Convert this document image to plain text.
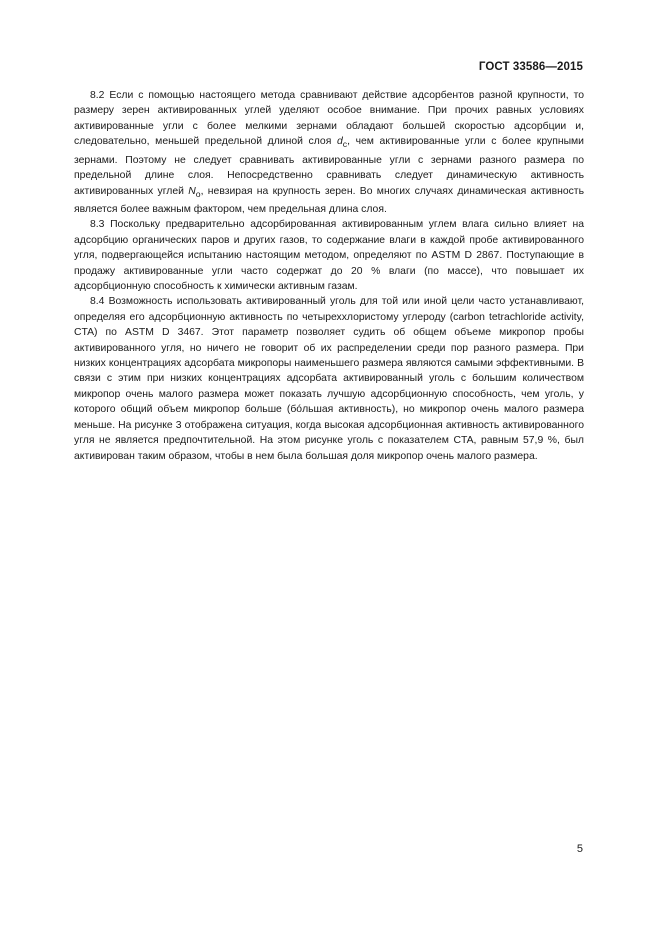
ГОСТ 33586—2015

8.2 Если с помощью настоящего метода сравнивают действие адсорбентов разной крупности, то размеру зерен активированных углей уделяют особое внимание. При прочих равных условиях активированные угли с более мелкими зернами обладают большей скоростью адсорбции и, следовательно, меньшей предельной длиной слоя $d_c$, чем активированные угли с более крупными зернами. Поэтому не следует сравнивать активированные угли с зернами разного размера по предельной длине слоя. Непосредственно сравнивать следует динамическую активность активированных углей $N_o$, невзирая на крупность зерен. Во многих случаях динамическая активность является более важным фактором, чем предельная длина слоя.

8.3 Поскольку предварительно адсорбированная активированным углем влага сильно влияет на адсорбцию органических паров и других газов, то содержание влаги в каждой пробе активированного угля, подвергающейся испытанию настоящим методом, определяют по ASTM D 2867. Поступающие в продажу активированные угли часто содержат до 20 % влаги (по массе), что повышает их адсорбционную способность к химически активным газам.

8.4 Возможность использовать активированный уголь для той или иной цели часто устанавливают, определяя его адсорбционную активность по четыреххлористому углероду (carbon tetrachloride activity, CTA) по ASTM D 3467. Этот параметр позволяет судить об общем объеме микропор пробы активированного угля, но ничего не говорит об их распределении среди пор разного размера. При низких концентрациях адсорбата микропоры наименьшего размера являются самыми эффективными. В связи с этим при низких концентрациях адсорбата активированный уголь с большим количеством микропор очень малого размера может показать лучшую адсорбционную способность, чем уголь, у которого общий объем микропор больше (бóльшая активность), но микропор очень малого размера меньше. На рисунке 3 отображена ситуация, когда высокая адсорбционная активность активированного угля не является предпочтительной. На этом рисунке уголь с показателем CTA, равным 57,9 %, был активирован таким образом, чтобы в нем была большая доля микропор очень малого размера.

5
